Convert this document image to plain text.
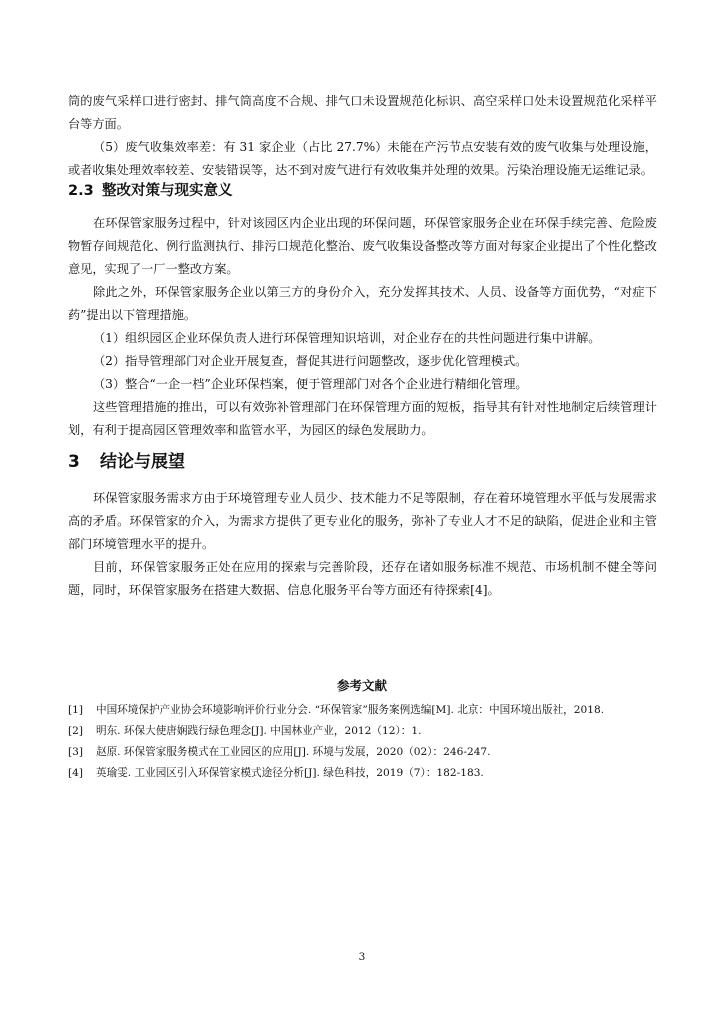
筒的废气采样口进行密封、排气筒高度不合规、排气口未设置规范化标识、高空采样口处未设置规范化采样平台等方面。

（5）废气收集效率差：有 31 家企业（占比 27.7%）未能在产污节点安装有效的废气收集与处理设施，或者收集处理效率较差、安装错误等，达不到对废气进行有效收集并处理的效果。污染治理设施无运维记录。

2.3 整改对策与现实意义

在环保管家服务过程中，针对该园区内企业出现的环保问题，环保管家服务企业在环保手续完善、危险废物暂存间规范化、例行监测执行、排污口规范化整治、废气收集设备整改等方面对每家企业提出了个性化整改意见，实现了一厂一整改方案。

除此之外，环保管家服务企业以第三方的身份介入，充分发挥其技术、人员、设备等方面优势，“对症下药”提出以下管理措施。

（1）组织园区企业环保负责人进行环保管理知识培训，对企业存在的共性问题进行集中讲解。

（2）指导管理部门对企业开展复查，督促其进行问题整改，逐步优化管理模式。

（3）整合“一企一档”企业环保档案，便于管理部门对各个企业进行精细化管理。

这些管理措施的推出，可以有效弥补管理部门在环保管理方面的短板，指导其有针对性地制定后续管理计划，有利于提高园区管理效率和监管水平，为园区的绿色发展助力。

3 结论与展望

环保管家服务需求方由于环境管理专业人员少、技术能力不足等限制，存在着环境管理水平低与发展需求高的矛盾。环保管家的介入，为需求方提供了更专业化的服务，弥补了专业人才不足的缺陷，促进企业和主管部门环境管理水平的提升。

目前，环保管家服务正处在应用的探索与完善阶段，还存在诸如服务标准不规范、市场机制不健全等问题，同时，环保管家服务在搭建大数据、信息化服务平台等方面还有待探索[4]。

参考文献
[1]	中国环境保护产业协会环境影响评价行业分会. “环保管家”服务案例选编[M]. 北京：中国环境出版社，2018.
[2]	明东. 环保大使唐娴践行绿色理念[J]. 中国林业产业，2012（12）：1.
[3]	赵原. 环保管家服务模式在工业园区的应用[J]. 环境与发展，2020（02）：246-247.
[4]	英瑜雯. 工业园区引入环保管家模式途径分析[J]. 绿色科技，2019（7）：182-183.
3
